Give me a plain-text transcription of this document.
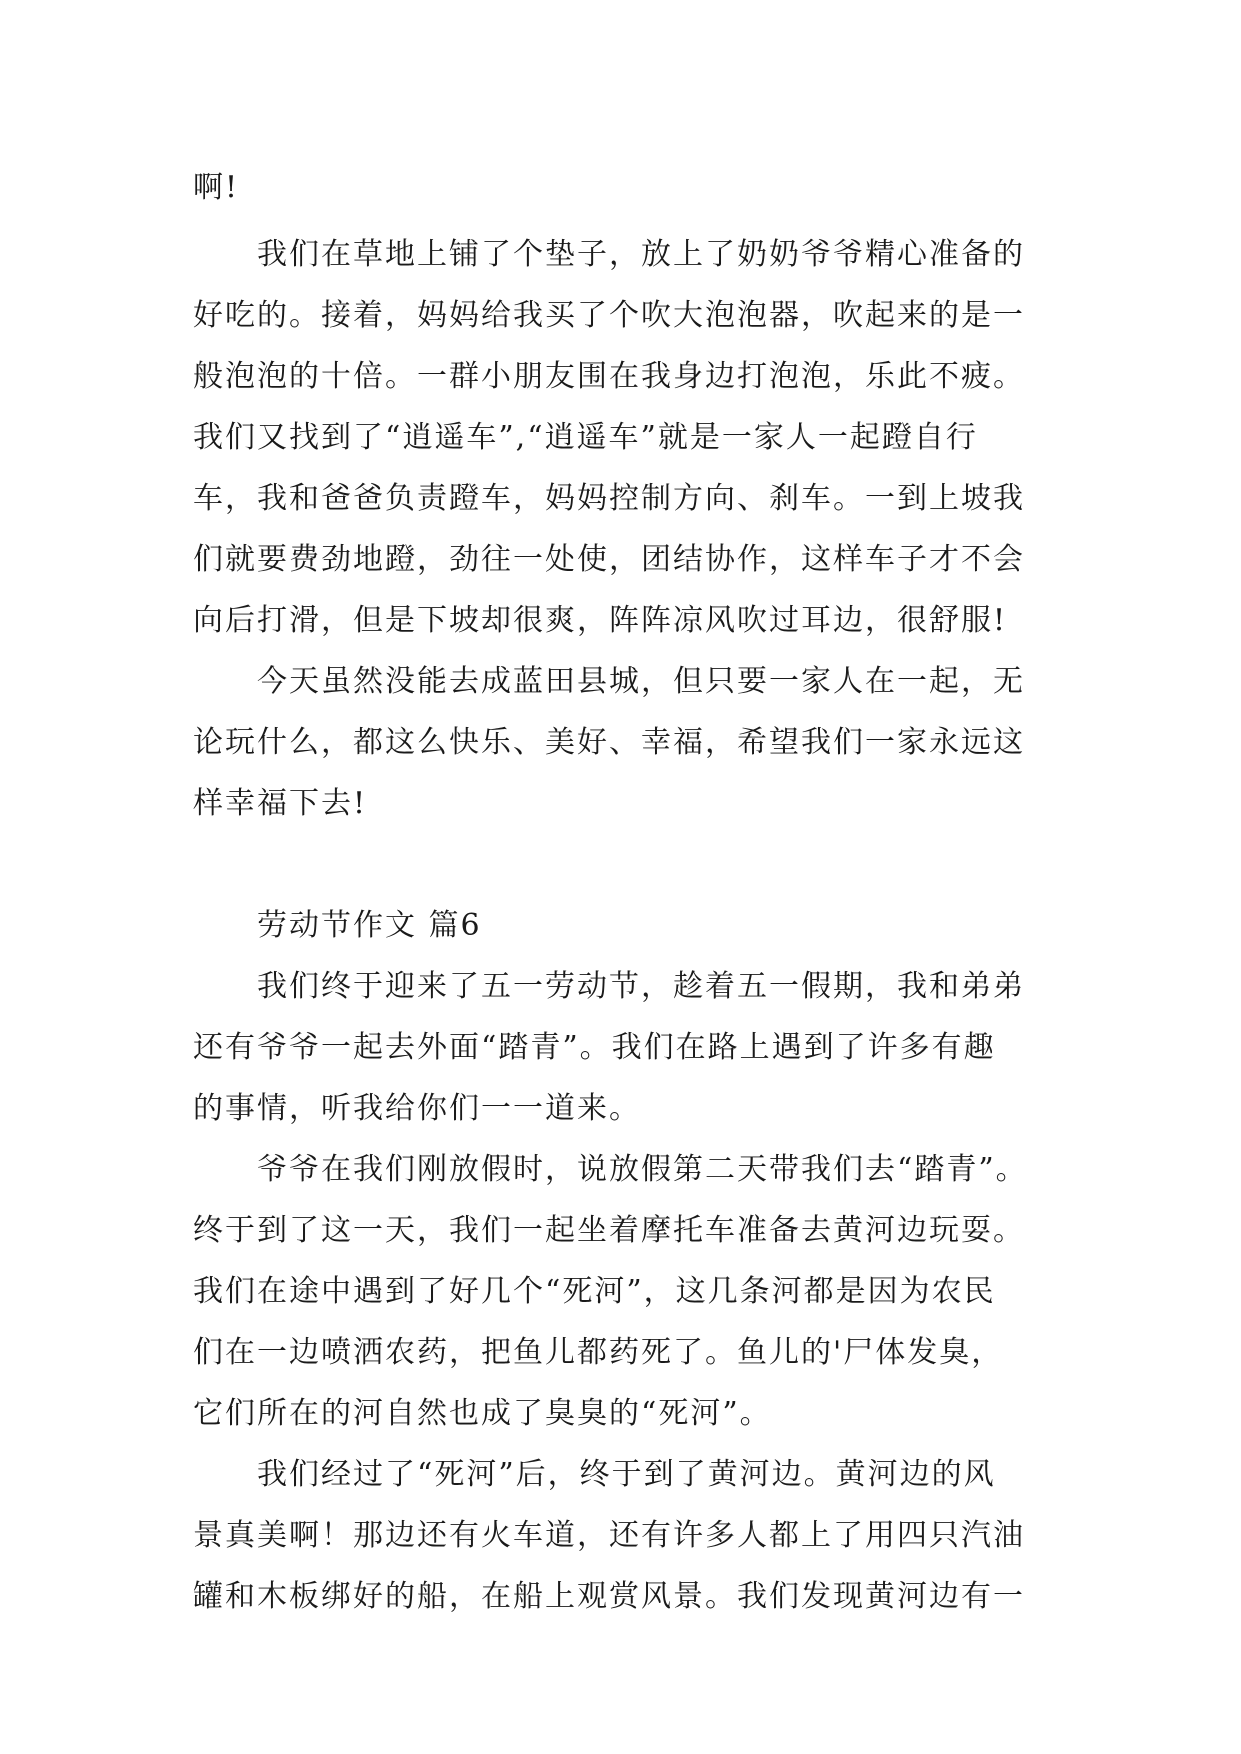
啊!
我们在草地上铺了个垫子，放上了奶奶爷爷精心准备的
好吃的。接着，妈妈给我买了个吹大泡泡器，吹起来的是一
般泡泡的十倍。一群小朋友围在我身边打泡泡，乐此不疲。
我们又找到了“逍遥车”,“逍遥车”就是一家人一起蹬自行
车，我和爸爸负责蹬车，妈妈控制方向、刹车。一到上坡我
们就要费劲地蹬，劲往一处使，团结协作，这样车子才不会
向后打滑，但是下坡却很爽，阵阵凉风吹过耳边，很舒服!
今天虽然没能去成蓝田县城，但只要一家人在一起，无
论玩什么，都这么快乐、美好、幸福，希望我们一家永远这
样幸福下去!
劳动节作文 篇6
我们终于迎来了五一劳动节，趁着五一假期，我和弟弟
还有爷爷一起去外面“踏青”。我们在路上遇到了许多有趣
的事情，听我给你们一一道来。
爷爷在我们刚放假时，说放假第二天带我们去“踏青”。
终于到了这一天，我们一起坐着摩托车准备去黄河边玩耍。
我们在途中遇到了好几个“死河”，这几条河都是因为农民
们在一边喷洒农药，把鱼儿都药死了。鱼儿的'尸体发臭，
它们所在的河自然也成了臭臭的“死河”。
我们经过了“死河”后，终于到了黄河边。黄河边的风
景真美啊！那边还有火车道，还有许多人都上了用四只汽油
罐和木板绑好的船，在船上观赏风景。我们发现黄河边有一
